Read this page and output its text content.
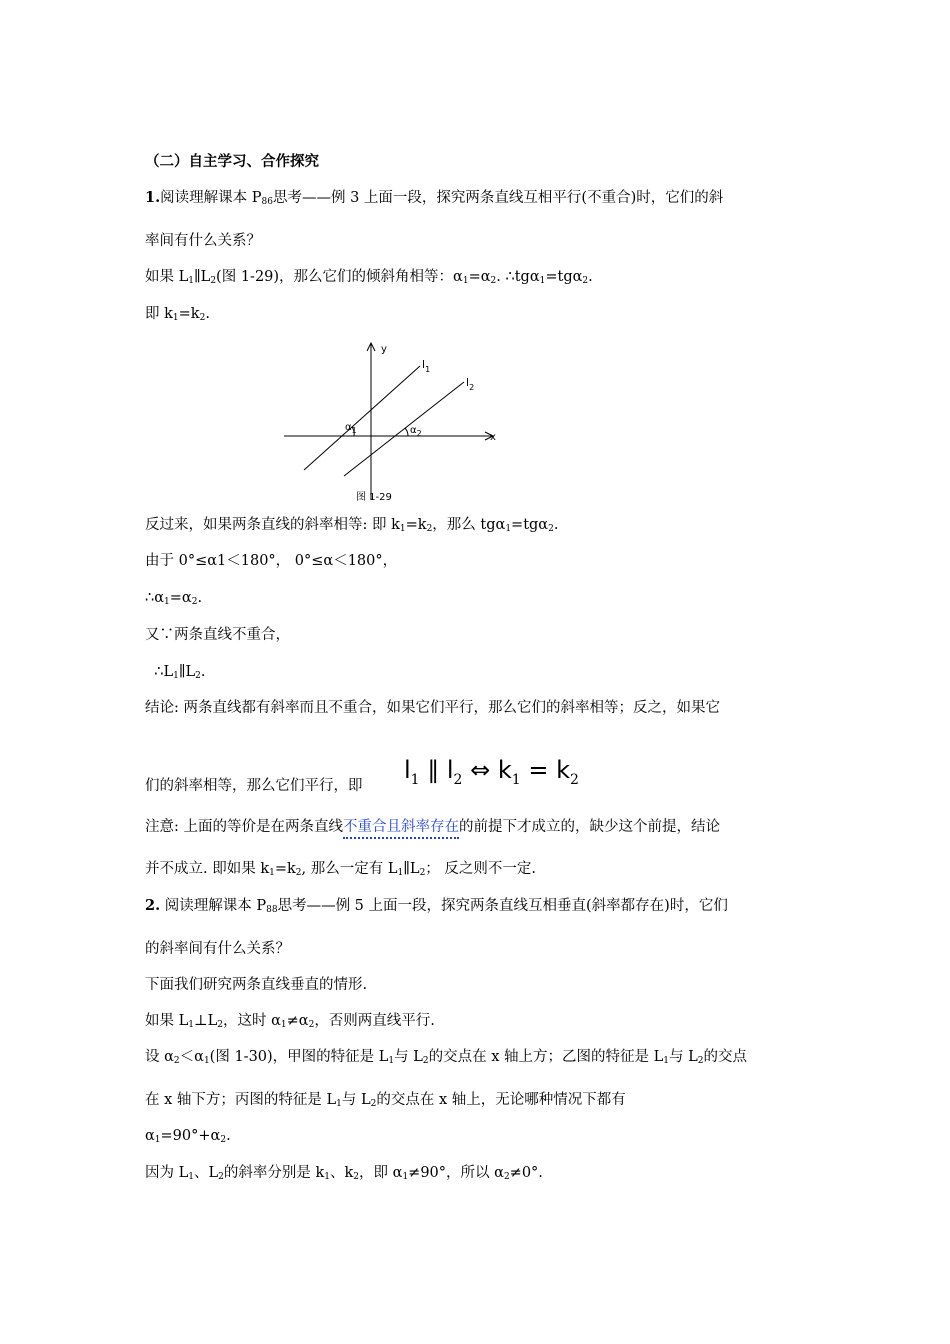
（二）自主学习、合作探究
1.阅读理解课本 $P_{86}$思考——例 3 上面一段，探究两条直线互相平行(不重合)时，它们的斜
率间有什么关系？
如果 $L_1\parallel L_2$(图 1-29)，那么它们的倾斜角相等：$\alpha_1=\alpha_2$. ∴tgα$_1$=tgα$_2$.
即 $k_1=k_2$.
y
x
$l_1$
$l_2$
$\alpha_1$	$\alpha_2$
图 1-29
反过来，如果两条直线的斜率相等: 即 $k_1=k_2$，那么 tgα$_1$=tgα$_2$.
由于 0°≤α1＜180°， 0°≤α＜180°，
$\therefore\alpha_1=\alpha_2$.
又∵两条直线不重合，
$\therefore L_1\parallel L_2$.
结论: 两条直线都有斜率而且不重合，如果它们平行，那么它们的斜率相等；反之，如果它
们的斜率相等，那么它们平行，即
$l_1$ ∥ $l_2$ ⇔ $k_1 = k_2$
注意: 上面的等价是在两条直线不重合且斜率存在的前提下才成立的，缺少这个前提，结论
并不成立. 即如果 $k_1=k_2$, 那么一定有 $L_1\parallel L_2$； 反之则不一定.
2. 阅读理解课本 $P_{88}$思考——例 5 上面一段，探究两条直线互相垂直(斜率都存在)时，它们
的斜率间有什么关系？
下面我们研究两条直线垂直的情形.
如果 $L_1\perp L_2$，这时 $\alpha_1\ne\alpha_2$，否则两直线平行.
设 $\alpha_2<\alpha_1$(图 1-30)，甲图的特征是 $L_1$与 $L_2$的交点在 x 轴上方；乙图的特征是 $L_1$与 $L_2$的交点
在 x 轴下方；丙图的特征是 $L_1$与 $L_2$的交点在 x 轴上，无论哪种情况下都有
$\alpha_1=90^\circ+\alpha_2$.
因为 $L_1$、$L_2$的斜率分别是 $k_1$、$k_2$，即 $\alpha_1\ne 90^\circ$，所以 $\alpha_2\ne 0^\circ$.
